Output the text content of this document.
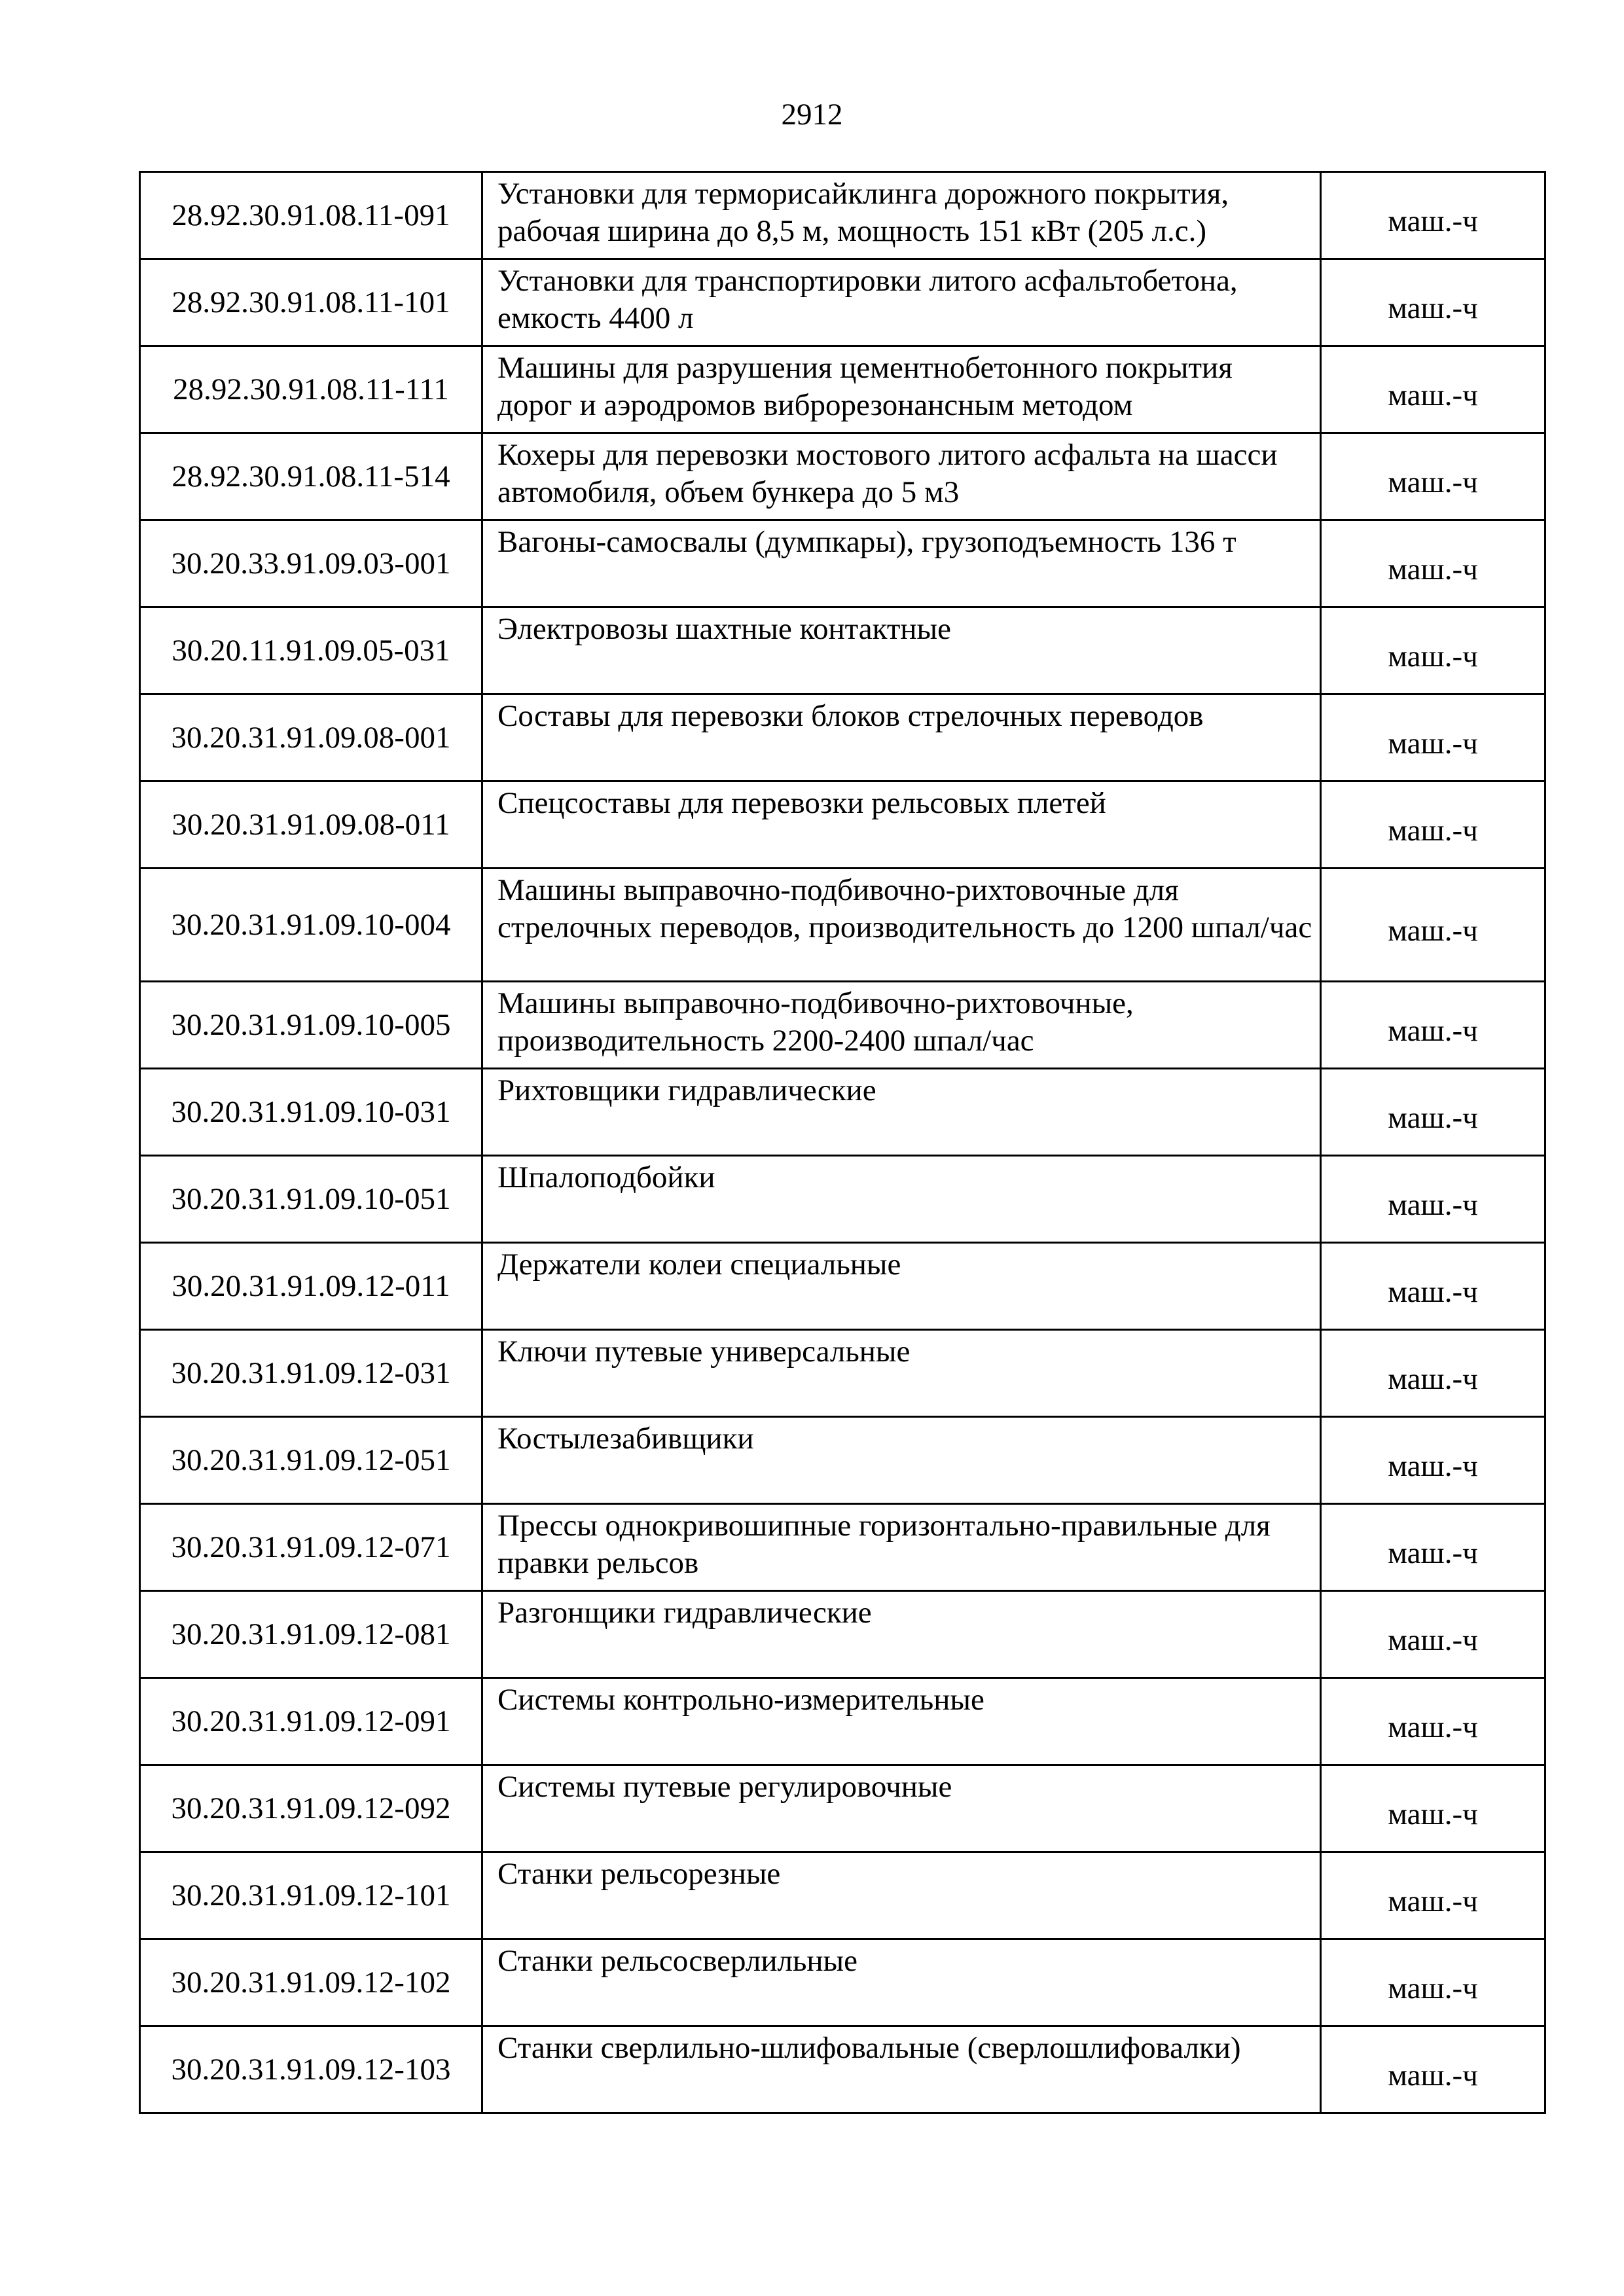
2912
28.92.30.91.08.11-091	Установки для терморисайклинга дорожного покрытия, рабочая ширина до 8,5 м, мощность 151 кВт (205 л.с.)	маш.-ч
28.92.30.91.08.11-101	Установки для транспортировки литого асфальтобетона, емкость 4400 л	маш.-ч
28.92.30.91.08.11-111	Машины для разрушения цементнобетонного покрытия дорог и аэродромов виброрезонансным методом	маш.-ч
28.92.30.91.08.11-514	Кохеры для перевозки мостового литого асфальта на шасси автомобиля, объем бункера до 5 м3	маш.-ч
30.20.33.91.09.03-001	Вагоны-самосвалы (думпкары), грузоподъемность 136 т	маш.-ч
30.20.11.91.09.05-031	Электровозы шахтные контактные	маш.-ч
30.20.31.91.09.08-001	Составы для перевозки блоков стрелочных переводов	маш.-ч
30.20.31.91.09.08-011	Спецсоставы для перевозки рельсовых плетей	маш.-ч
30.20.31.91.09.10-004	Машины выправочно-подбивочно-рихтовочные для стрелочных переводов, производительность до 1200 шпал/час	маш.-ч
30.20.31.91.09.10-005	Машины выправочно-подбивочно-рихтовочные, производительность 2200-2400 шпал/час	маш.-ч
30.20.31.91.09.10-031	Рихтовщики гидравлические	маш.-ч
30.20.31.91.09.10-051	Шпалоподбойки	маш.-ч
30.20.31.91.09.12-011	Держатели колеи специальные	маш.-ч
30.20.31.91.09.12-031	Ключи путевые универсальные	маш.-ч
30.20.31.91.09.12-051	Костылезабивщики	маш.-ч
30.20.31.91.09.12-071	Прессы однокривошипные горизонтально-правильные для правки рельсов	маш.-ч
30.20.31.91.09.12-081	Разгонщики гидравлические	маш.-ч
30.20.31.91.09.12-091	Системы контрольно-измерительные	маш.-ч
30.20.31.91.09.12-092	Системы путевые регулировочные	маш.-ч
30.20.31.91.09.12-101	Станки рельсорезные	маш.-ч
30.20.31.91.09.12-102	Станки рельсосверлильные	маш.-ч
30.20.31.91.09.12-103	Станки сверлильно-шлифовальные (сверлошлифовалки)	маш.-ч
